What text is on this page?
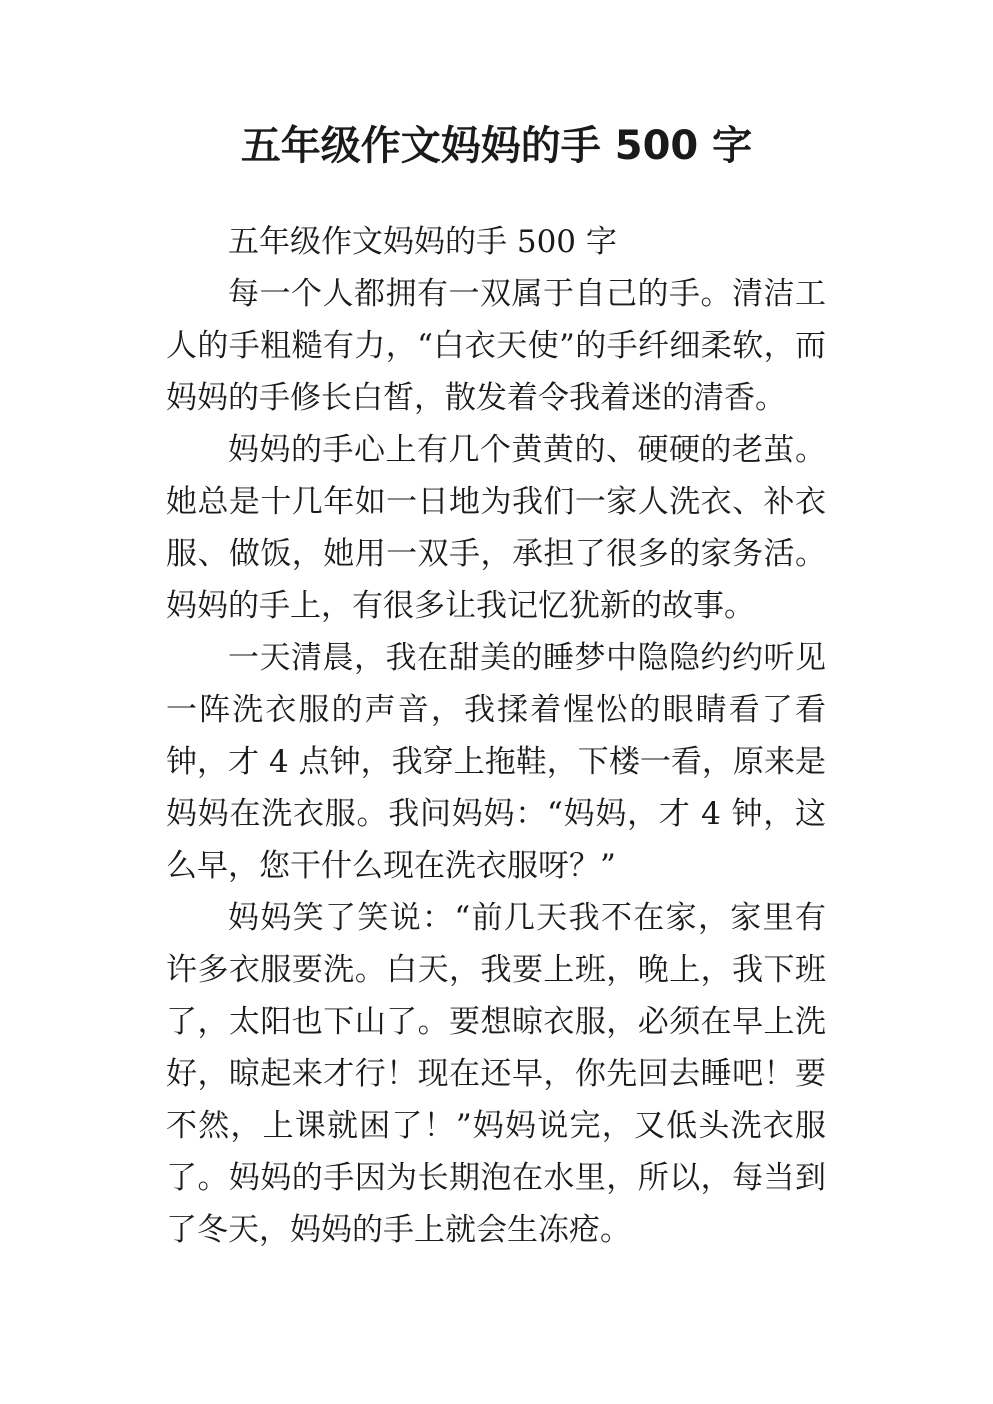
五年级作文妈妈的手 500 字

五年级作文妈妈的手 500 字

每一个人都拥有一双属于自己的手。清洁工人的手粗糙有力，“白衣天使”的手纤细柔软，而妈妈的手修长白皙，散发着令我着迷的清香。

妈妈的手心上有几个黄黄的、硬硬的老茧。她总是十几年如一日地为我们一家人洗衣、补衣服、做饭，她用一双手，承担了很多的家务活。妈妈的手上，有很多让我记忆犹新的故事。

一天清晨，我在甜美的睡梦中隐隐约约听见一阵洗衣服的声音，我揉着惺忪的眼睛看了看钟，才 4 点钟，我穿上拖鞋，下楼一看，原来是妈妈在洗衣服。我问妈妈：“妈妈，才 4 钟，这么早，您干什么现在洗衣服呀？”

妈妈笑了笑说：“前几天我不在家，家里有许多衣服要洗。白天，我要上班，晚上，我下班了，太阳也下山了。要想晾衣服，必须在早上洗好，晾起来才行！现在还早，你先回去睡吧！要不然，上课就困了！”妈妈说完，又低头洗衣服了。妈妈的手因为长期泡在水里，所以，每当到了冬天，妈妈的手上就会生冻疮。
